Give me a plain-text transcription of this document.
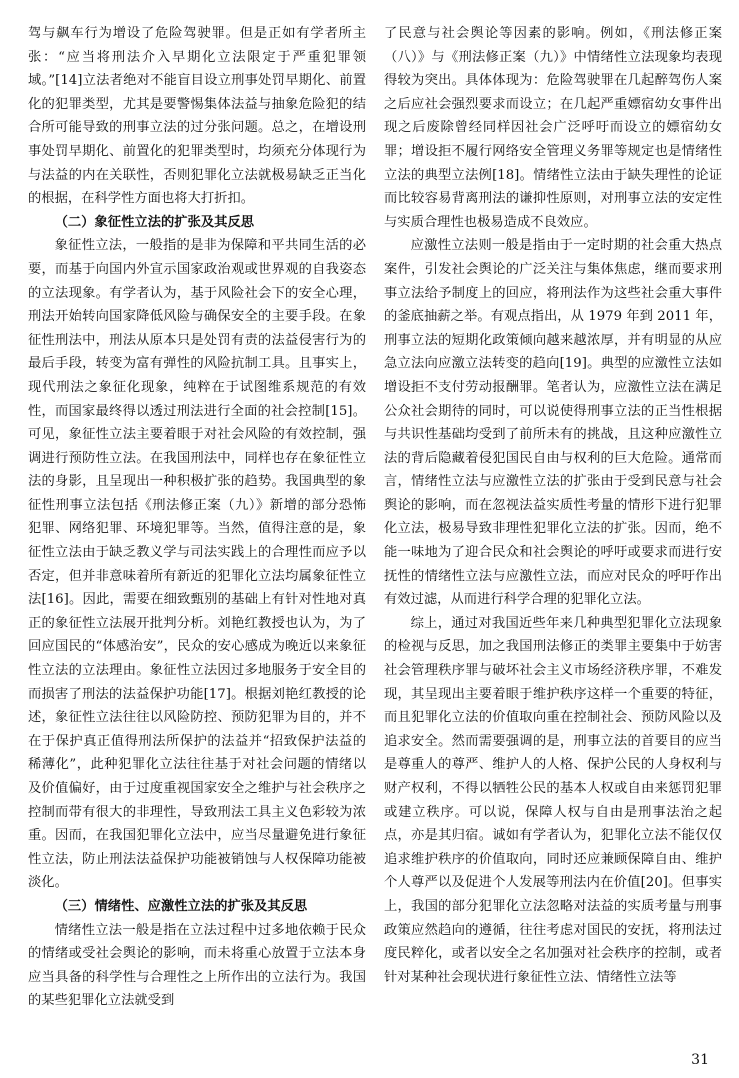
驾与飙车行为增设了危险驾驶罪。但是正如有学者所主张：“应当将刑法介入早期化立法限定于严重犯罪领域。”[14]立法者绝对不能盲目设立刑事处罚早期化、前置化的犯罪类型，尤其是要警惕集体法益与抽象危险犯的结合所可能导致的刑事立法的过分张问题。总之，在增设刑事处罚早期化、前置化的犯罪类型时，均须充分体现行为与法益的内在关联性，否则犯罪化立法就极易缺乏正当化的根据，在科学性方面也将大打折扣。

（二）象征性立法的扩张及其反思

象征性立法，一般指的是非为保障和平共同生活的必要，而基于向国内外宣示国家政治观或世界观的自我姿态的立法现象。有学者认为，基于风险社会下的安全心理，刑法开始转向国家降低风险与确保安全的主要手段。在象征性刑法中，刑法从原本只是处罚有责的法益侵害行为的最后手段，转变为富有弹性的风险抗制工具。且事实上，现代刑法之象征化现象，纯粹在于试图维系规范的有效性，而国家最终得以透过刑法进行全面的社会控制[15]。可见，象征性立法主要着眼于对社会风险的有效控制，强调进行预防性立法。在我国刑法中，同样也存在象征性立法的身影，且呈现出一种积极扩张的趋势。我国典型的象征性刑事立法包括《刑法修正案（九）》新增的部分恐怖犯罪、网络犯罪、环境犯罪等。当然，值得注意的是，象征性立法由于缺乏教义学与司法实践上的合理性而应予以否定，但并非意味着所有新近的犯罪化立法均属象征性立法[16]。因此，需要在细致甄别的基础上有针对性地对真正的象征性立法展开批判分析。刘艳红教授也认为，为了回应国民的“体感治安”，民众的安心感成为晚近以来象征性立法的立法理由。象征性立法因过多地服务于安全目的而损害了刑法的法益保护功能[17]。根据刘艳红教授的论述，象征性立法往往以风险防控、预防犯罪为目的，并不在于保护真正值得刑法所保护的法益并“招致保护法益的稀薄化”，此种犯罪化立法往往基于对社会问题的情绪以及价值偏好，由于过度重视国家安全之维护与社会秩序之控制而带有很大的非理性，导致刑法工具主义色彩较为浓重。因而，在我国犯罪化立法中，应当尽量避免进行象征性立法，防止刑法法益保护功能被销蚀与人权保障功能被淡化。

（三）情绪性、应激性立法的扩张及其反思

情绪性立法一般是指在立法过程中过多地依赖于民众的情绪或受社会舆论的影响，而未将重心放置于立法本身应当具备的科学性与合理性之上所作出的立法行为。我国的某些犯罪化立法就受到

了民意与社会舆论等因素的影响。例如，《刑法修正案（八）》与《刑法修正案（九）》中情绪性立法现象均表现得较为突出。具体体现为：危险驾驶罪在几起醉驾伤人案之后应社会强烈要求而设立；在几起严重嫖宿幼女事件出现之后废除曾经同样因社会广泛呼吁而设立的嫖宿幼女罪；增设拒不履行网络安全管理义务罪等规定也是情绪性立法的典型立法例[18]。情绪性立法由于缺失理性的论证而比较容易背离刑法的谦抑性原则，对刑事立法的安定性与实质合理性也极易造成不良效应。

应激性立法则一般是指由于一定时期的社会重大热点案件，引发社会舆论的广泛关注与集体焦虑，继而要求刑事立法给予制度上的回应，将刑法作为这些社会重大事件的釜底抽薪之举。有观点指出，从 1979 年到 2011 年，刑事立法的短期化政策倾向越来越浓厚，并有明显的从应急立法向应激立法转变的趋向[19]。典型的应激性立法如增设拒不支付劳动报酬罪。笔者认为，应激性立法在满足公众社会期待的同时，可以说使得刑事立法的正当性根据与共识性基础均受到了前所未有的挑战，且这种应激性立法的背后隐藏着侵犯国民自由与权利的巨大危险。通常而言，情绪性立法与应激性立法的扩张由于受到民意与社会舆论的影响，而在忽视法益实质性考量的情形下进行犯罪化立法，极易导致非理性犯罪化立法的扩张。因而，绝不能一味地为了迎合民众和社会舆论的呼吁或要求而进行安抚性的情绪性立法与应激性立法，而应对民众的呼吁作出有效过滤，从而进行科学合理的犯罪化立法。

综上，通过对我国近些年来几种典型犯罪化立法现象的检视与反思，加之我国刑法修正的类罪主要集中于妨害社会管理秩序罪与破坏社会主义市场经济秩序罪，不难发现，其呈现出主要着眼于维护秩序这样一个重要的特征，而且犯罪化立法的价值取向重在控制社会、预防风险以及追求安全。然而需要强调的是，刑事立法的首要目的应当是尊重人的尊严、维护人的人格、保护公民的人身权利与财产权利，不得以牺牲公民的基本人权或自由来惩罚犯罪或建立秩序。可以说，保障人权与自由是刑事法治之起点，亦是其归宿。诚如有学者认为，犯罪化立法不能仅仅追求维护秩序的价值取向，同时还应兼顾保障自由、维护个人尊严以及促进个人发展等刑法内在价值[20]。但事实上，我国的部分犯罪化立法忽略对法益的实质考量与刑事政策应然趋向的遵循，往往考虑对国民的安抚，将刑法过度民粹化，或者以安全之名加强对社会秩序的控制，或者针对某种社会现状进行象征性立法、情绪性立法等

31
